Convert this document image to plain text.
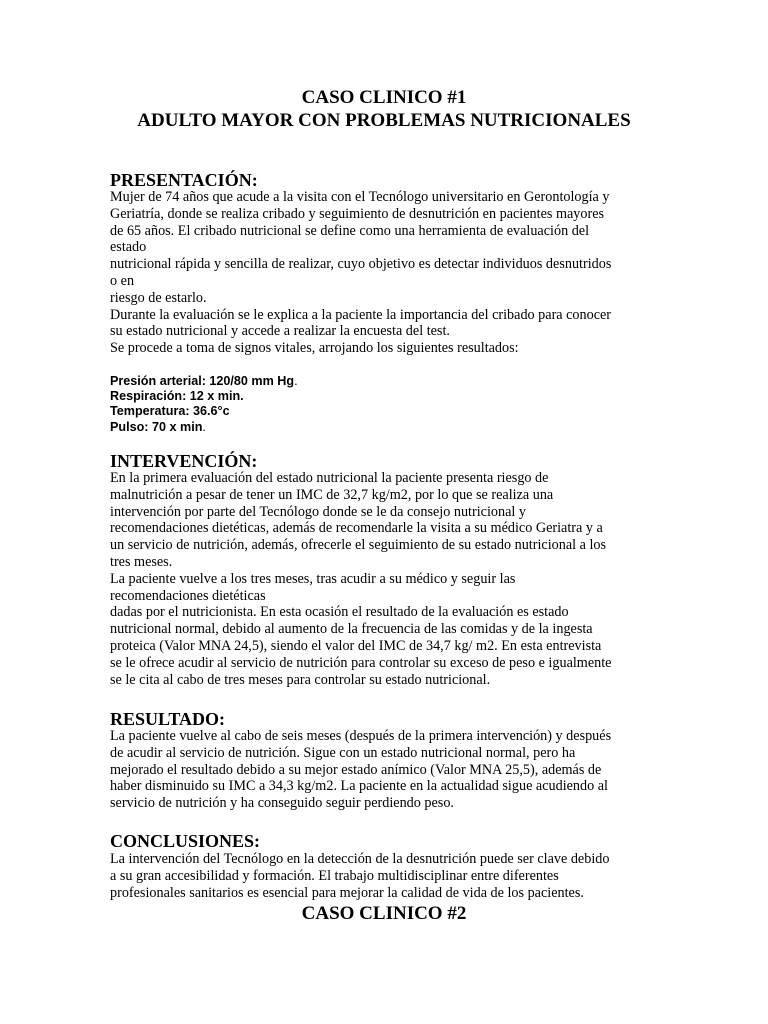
CASO CLINICO #1
ADULTO MAYOR CON PROBLEMAS NUTRICIONALES
PRESENTACIÓN:
Mujer de 74 años que acude a la visita con el Tecnólogo universitario en Gerontología y
Geriatría, donde se realiza cribado y seguimiento de desnutrición en pacientes mayores
de 65 años. El cribado nutricional se define como una herramienta de evaluación del
estado
nutricional rápida y sencilla de realizar, cuyo objetivo es detectar individuos desnutridos
o en
riesgo de estarlo.
Durante la evaluación se le explica a la paciente la importancia del cribado para conocer
su estado nutricional y accede a realizar la encuesta del test.
Se procede a toma de signos vitales, arrojando los siguientes resultados:
Presión arterial: 120/80 mm Hg.
Respiración: 12 x min.
Temperatura: 36.6°c
Pulso: 70 x min.
INTERVENCIÓN:
En la primera evaluación del estado nutricional la paciente presenta riesgo de
malnutrición a pesar de tener un IMC de 32,7 kg/m2, por lo que se realiza una
intervención por parte del Tecnólogo donde se le da consejo nutricional y
recomendaciones dietéticas, además de recomendarle la visita a su médico Geriatra y a
un servicio de nutrición, además, ofrecerle el seguimiento de su estado nutricional a los
tres meses.
La paciente vuelve a los tres meses, tras acudir a su médico y seguir las
recomendaciones dietéticas
dadas por el nutricionista. En esta ocasión el resultado de la evaluación es estado
nutricional normal, debido al aumento de la frecuencia de las comidas y de la ingesta
proteica (Valor MNA 24,5), siendo el valor del IMC de 34,7 kg/ m2. En esta entrevista
se le ofrece acudir al servicio de nutrición para controlar su exceso de peso e igualmente
se le cita al cabo de tres meses para controlar su estado nutricional.
RESULTADO:
La paciente vuelve al cabo de seis meses (después de la primera intervención) y después
de acudir al servicio de nutrición. Sigue con un estado nutricional normal, pero ha
mejorado el resultado debido a su mejor estado anímico (Valor MNA 25,5), además de
haber disminuido su IMC a 34,3 kg/m2. La paciente en la actualidad sigue acudiendo al
servicio de nutrición y ha conseguido seguir perdiendo peso.
CONCLUSIONES:
La intervención del Tecnólogo en la detección de la desnutrición puede ser clave debido
a su gran accesibilidad y formación. El trabajo multidisciplinar entre diferentes
profesionales sanitarios es esencial para mejorar la calidad de vida de los pacientes.
CASO CLINICO #2
